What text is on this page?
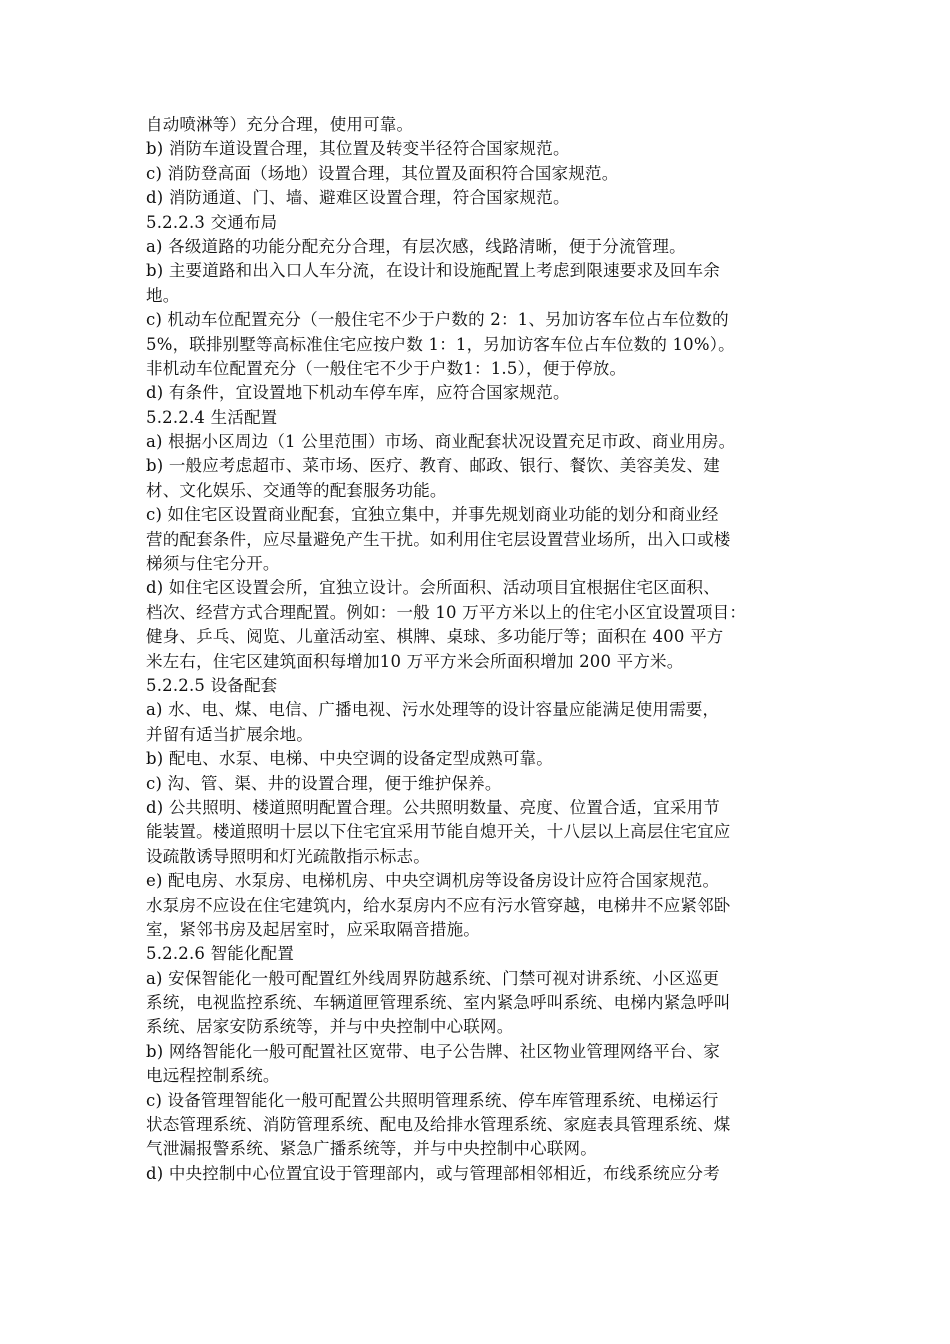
自动喷淋等）充分合理，使用可靠。
b) 消防车道设置合理，其位置及转变半径符合国家规范。
c) 消防登高面（场地）设置合理，其位置及面积符合国家规范。
d) 消防通道、门、墙、避难区设置合理，符合国家规范。
5.2.2.3 交通布局
a) 各级道路的功能分配充分合理，有层次感，线路清晰，便于分流管理。
b) 主要道路和出入口人车分流，在设计和设施配置上考虑到限速要求及回车余
地。
c) 机动车位配置充分（一般住宅不少于户数的 2：1、另加访客车位占车位数的
5%，联排别墅等高标准住宅应按户数 1：1，另加访客车位占车位数的 10%）。
非机动车位配置充分（一般住宅不少于户数1：1.5），便于停放。
d) 有条件，宜设置地下机动车停车库，应符合国家规范。
5.2.2.4 生活配置
a) 根据小区周边（1 公里范围）市场、商业配套状况设置充足市政、商业用房。
b) 一般应考虑超市、菜市场、医疗、教育、邮政、银行、餐饮、美容美发、建
材、文化娱乐、交通等的配套服务功能。
c) 如住宅区设置商业配套，宜独立集中，并事先规划商业功能的划分和商业经
营的配套条件，应尽量避免产生干扰。如利用住宅层设置营业场所，出入口或楼
梯须与住宅分开。
d) 如住宅区设置会所，宜独立设计。会所面积、活动项目宜根据住宅区面积、
档次、经营方式合理配置。例如：一般 10 万平方米以上的住宅小区宜设置项目：
健身、乒乓、阅览、儿童活动室、棋牌、桌球、多功能厅等；面积在 400 平方
米左右，住宅区建筑面积每增加10 万平方米会所面积增加 200 平方米。
5.2.2.5 设备配套
a) 水、电、煤、电信、广播电视、污水处理等的设计容量应能满足使用需要，
并留有适当扩展余地。
b) 配电、水泵、电梯、中央空调的设备定型成熟可靠。
c) 沟、管、渠、井的设置合理，便于维护保养。
d) 公共照明、楼道照明配置合理。公共照明数量、亮度、位置合适，宜采用节
能装置。楼道照明十层以下住宅宜采用节能自熄开关，十八层以上高层住宅宜应
设疏散诱导照明和灯光疏散指示标志。
e) 配电房、水泵房、电梯机房、中央空调机房等设备房设计应符合国家规范。
水泵房不应设在住宅建筑内，给水泵房内不应有污水管穿越，电梯井不应紧邻卧
室，紧邻书房及起居室时，应采取隔音措施。
5.2.2.6 智能化配置
a) 安保智能化一般可配置红外线周界防越系统、门禁可视对讲系统、小区巡更
系统，电视监控系统、车辆道匣管理系统、室内紧急呼叫系统、电梯内紧急呼叫
系统、居家安防系统等，并与中央控制中心联网。
b) 网络智能化一般可配置社区宽带、电子公告牌、社区物业管理网络平台、家
电远程控制系统。
c) 设备管理智能化一般可配置公共照明管理系统、停车库管理系统、电梯运行
状态管理系统、消防管理系统、配电及给排水管理系统、家庭表具管理系统、煤
气泄漏报警系统、紧急广播系统等，并与中央控制中心联网。
d) 中央控制中心位置宜设于管理部内，或与管理部相邻相近，布线系统应分考
